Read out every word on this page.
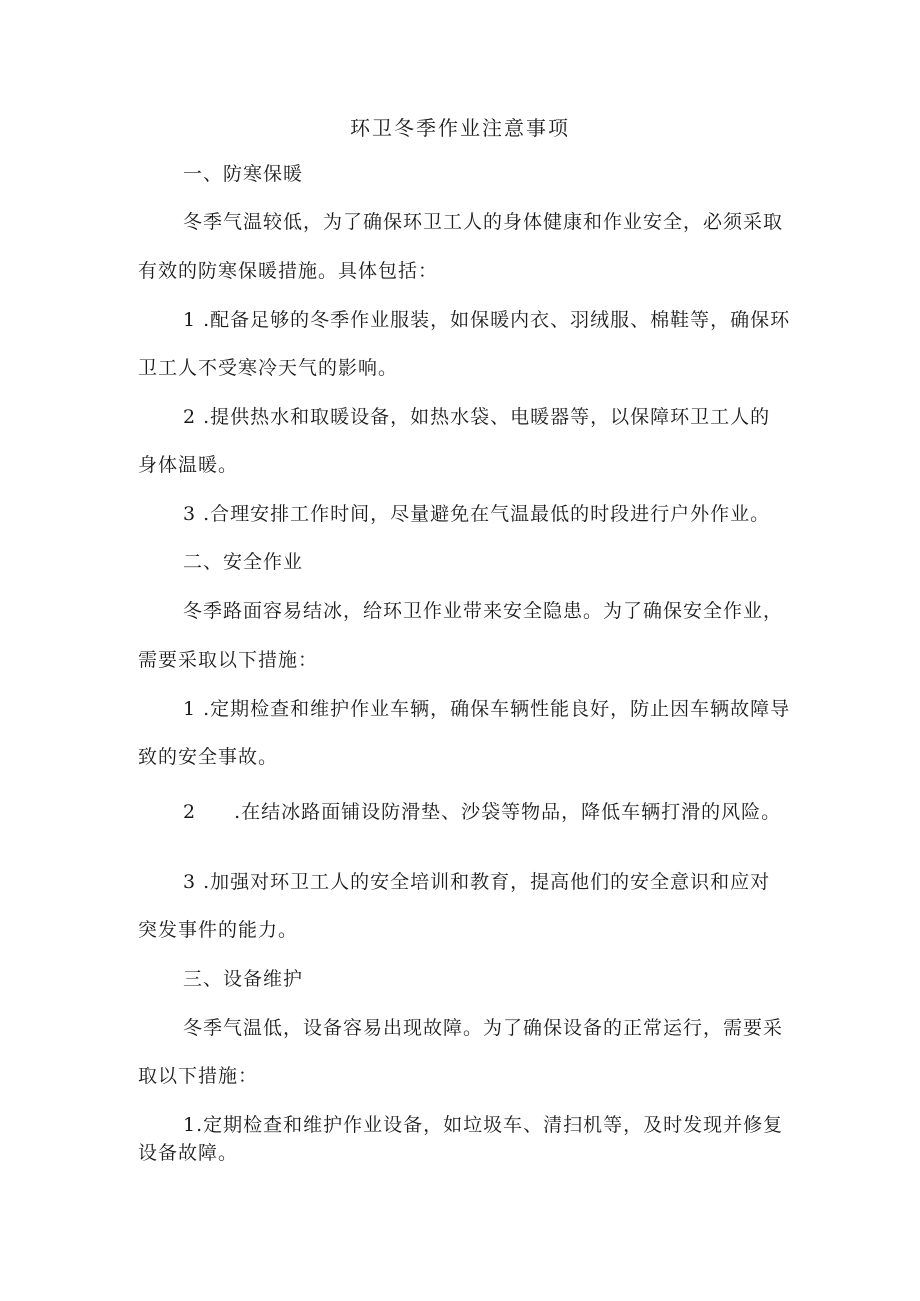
环卫冬季作业注意事项
一、防寒保暖
冬季气温较低，为了确保环卫工人的身体健康和作业安全，必须采取
有效的防寒保暖措施。具体包括：
1 .配备足够的冬季作业服装，如保暖内衣、羽绒服、棉鞋等，确保环
卫工人不受寒冷天气的影响。
2 .提供热水和取暖设备，如热水袋、电暖器等，以保障环卫工人的
身体温暖。
3 .合理安排工作时间，尽量避免在气温最低的时段进行户外作业。
二、安全作业
冬季路面容易结冰，给环卫作业带来安全隐患。为了确保安全作业，
需要采取以下措施：
1 .定期检查和维护作业车辆，确保车辆性能良好，防止因车辆故障导
致的安全事故。
2 .在结冰路面铺设防滑垫、沙袋等物品，降低车辆打滑的风险。
3 .加强对环卫工人的安全培训和教育，提高他们的安全意识和应对
突发事件的能力。
三、设备维护
冬季气温低，设备容易出现故障。为了确保设备的正常运行，需要采
取以下措施：
1.定期检查和维护作业设备，如垃圾车、清扫机等，及时发现并修复
设备故障。
